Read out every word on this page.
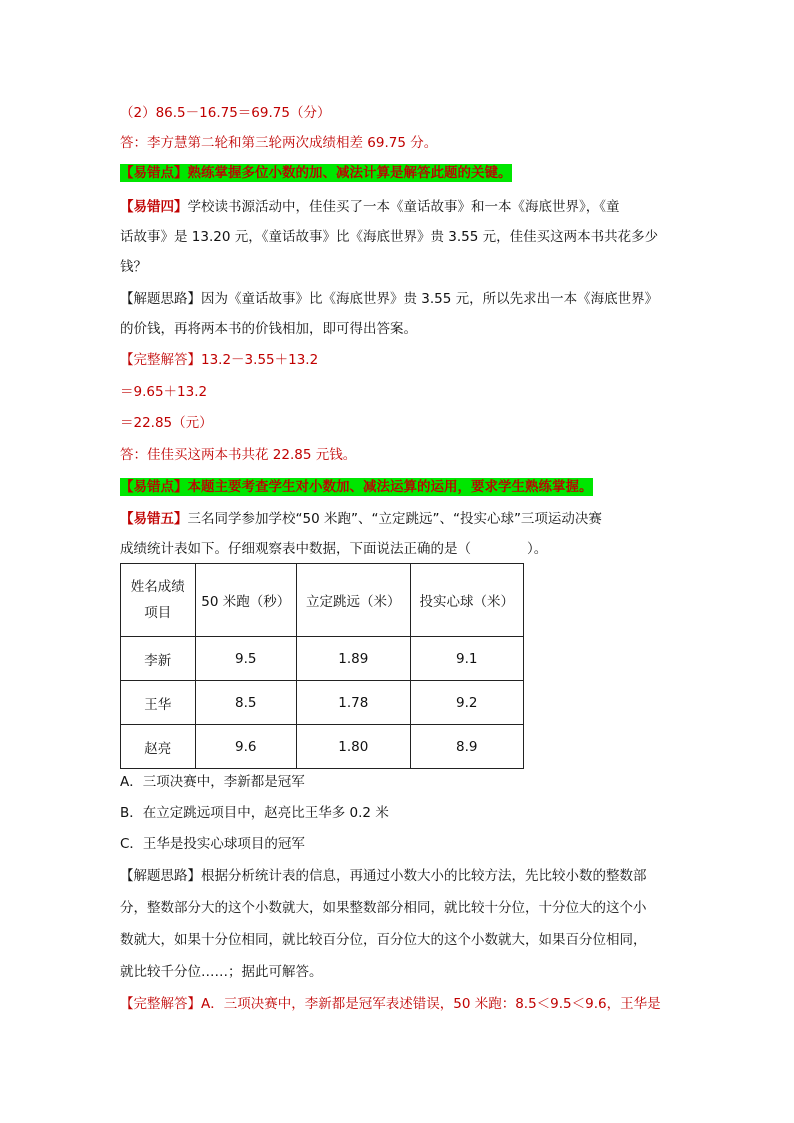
（2）86.5－16.75＝69.75（分）
答：李方慧第二轮和第三轮两次成绩相差 69.75 分。
【易错点】熟练掌握多位小数的加、减法计算是解答此题的关键。
【易错四】学校读书源活动中，佳佳买了一本《童话故事》和一本《海底世界》，《童
话故事》是 13.20 元，《童话故事》比《海底世界》贵 3.55 元，佳佳买这两本书共花多少
钱？
【解题思路】因为《童话故事》比《海底世界》贵 3.55 元，所以先求出一本《海底世界》
的价钱，再将两本书的价钱相加，即可得出答案。
【完整解答】13.2－3.55＋13.2
＝9.65＋13.2
＝22.85（元）
答：佳佳买这两本书共花 22.85 元钱。
【易错点】本题主要考查学生对小数加、减法运算的运用，要求学生熟练掌握。
【易错五】三名同学参加学校“50 米跑”、“立定跳远”、“投实心球”三项运动决赛
成绩统计表如下。仔细观察表中数据，下面说法正确的是（	）。
姓名成绩
项目	50 米跑（秒）	立定跳远（米）	投实心球（米）
李新	9.5	1.89	9.1
王华	8.5	1.78	9.2
赵亮	9.6	1.80	8.9
A．三项决赛中，李新都是冠军
B．在立定跳远项目中，赵亮比王华多 0.2 米
C．王华是投实心球项目的冠军
【解题思路】根据分析统计表的信息，再通过小数大小的比较方法，先比较小数的整数部
分，整数部分大的这个小数就大，如果整数部分相同，就比较十分位，十分位大的这个小
数就大，如果十分位相同，就比较百分位，百分位大的这个小数就大，如果百分位相同，
就比较千分位……；据此可解答。
【完整解答】A．三项决赛中，李新都是冠军表述错误，50 米跑：8.5＜9.5＜9.6，王华是
